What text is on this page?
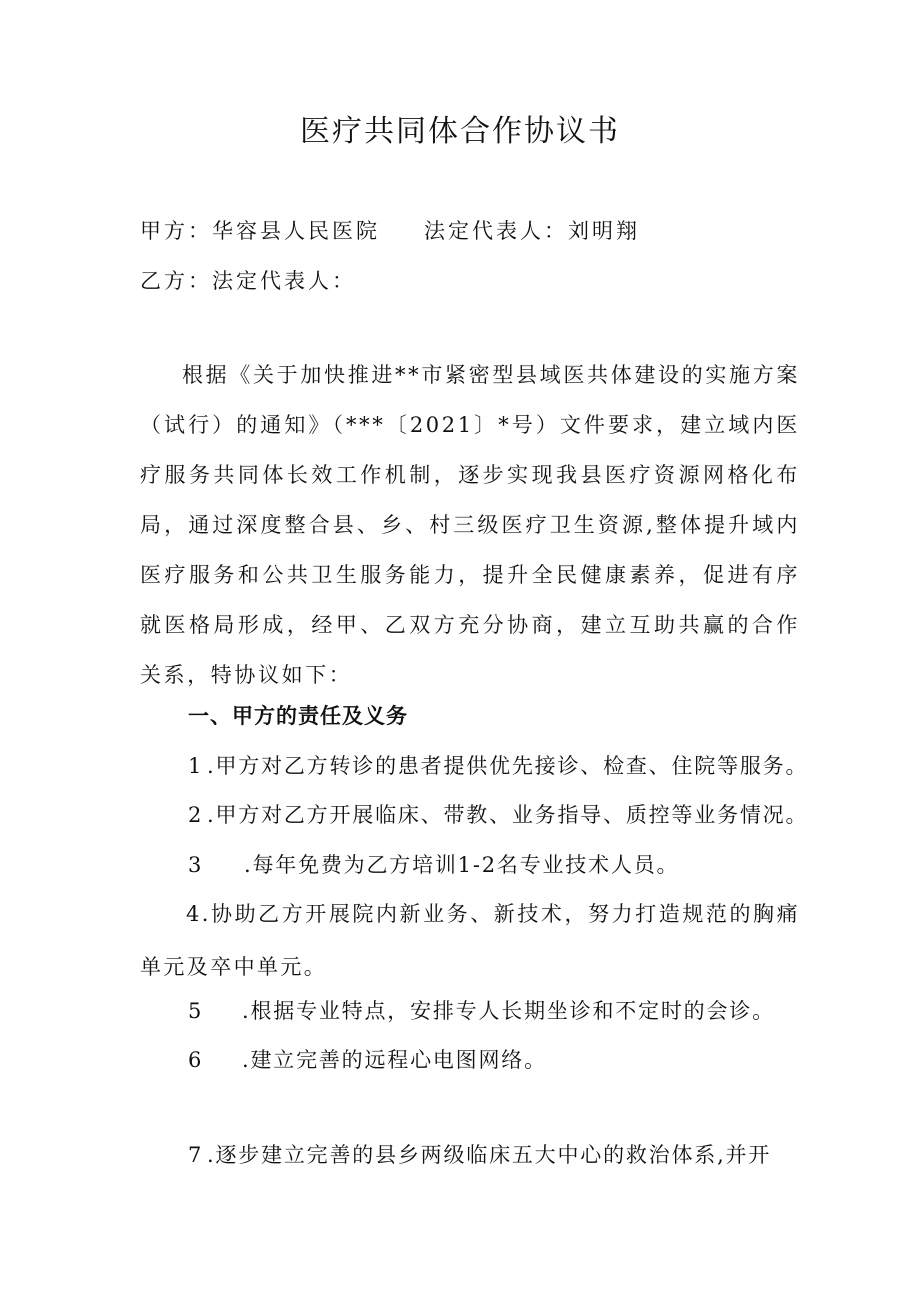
医疗共同体合作协议书
甲方：华容县人民医院 法定代表人：刘明翔
乙方：法定代表人：
根据《关于加快推进**市紧密型县域医共体建设的实施方案（试行）的通知》（***〔2021〕*号）文件要求，建立域内医疗服务共同体长效工作机制，逐步实现我县医疗资源网格化布局，通过深度整合县、乡、村三级医疗卫生资源,整体提升域内医疗服务和公共卫生服务能力，提升全民健康素养，促进有序就医格局形成，经甲、乙双方充分协商，建立互助共赢的合作关系，特协议如下：
一、甲方的责任及义务
1 .甲方对乙方转诊的患者提供优先接诊、检查、住院等服务。
2 .甲方对乙方开展临床、带教、业务指导、质控等业务情况。
3 .每年免费为乙方培训1-2名专业技术人员。
4.协助乙方开展院内新业务、新技术，努力打造规范的胸痛单元及卒中单元。
5 .根据专业特点，安排专人长期坐诊和不定时的会诊。
6 .建立完善的远程心电图网络。
7 .逐步建立完善的县乡两级临床五大中心的救治体系,并开
